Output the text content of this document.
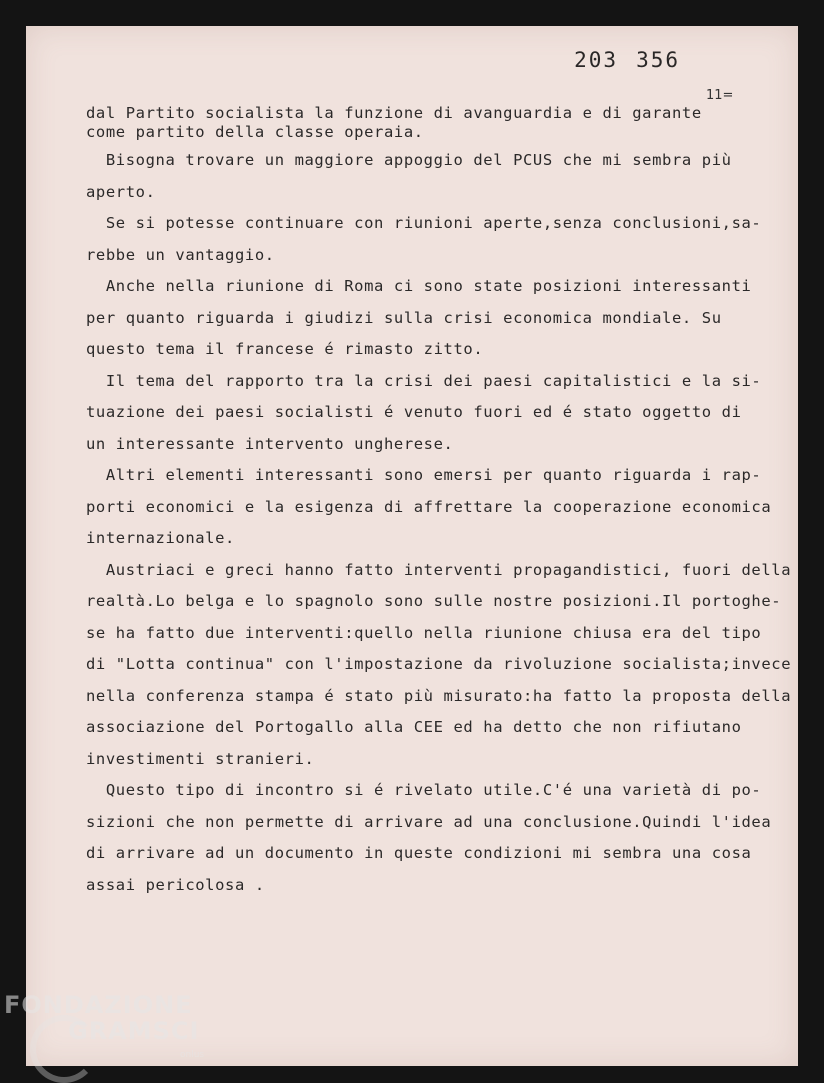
203 356
11=
dal Partito socialista la funzione di avanguardia e di garante
come partito della classe operaia.
Bisogna trovare un maggiore appoggio del PCUS che mi sembra più
aperto.
Se si potesse continuare con riunioni aperte,senza conclusioni,sa-
rebbe un vantaggio.
Anche nella riunione di Roma ci sono state posizioni interessanti
per quanto riguarda i giudizi sulla crisi economica mondiale. Su
questo tema il francese é rimasto zitto.
Il tema del rapporto tra la crisi dei paesi capitalistici e la si-
tuazione dei paesi socialisti é venuto fuori ed é stato oggetto di
un interessante intervento ungherese.
Altri elementi interessanti sono emersi per quanto riguarda i rap-
porti economici e la esigenza di affrettare la cooperazione economica
internazionale.
Austriaci e greci hanno fatto interventi propagandistici, fuori della
realtà.Lo belga e lo spagnolo sono sulle nostre posizioni.Il portoghe-
se ha fatto due interventi:quello nella riunione chiusa era del tipo
di "Lotta continua" con l'impostazione da rivoluzione socialista;invece
nella conferenza stampa é stato più misurato:ha fatto la proposta della
associazione del Portogallo alla CEE ed ha detto che non rifiutano
investimenti stranieri.
Questo tipo di incontro si é rivelato utile.C'é una varietà di po-
sizioni che non permette di arrivare ad una conclusione.Quindi l'idea
di arrivare ad un documento in queste condizioni mi sembra una cosa
assai pericolosa .
FONDAZIONE
GRAMSCI
onlus
